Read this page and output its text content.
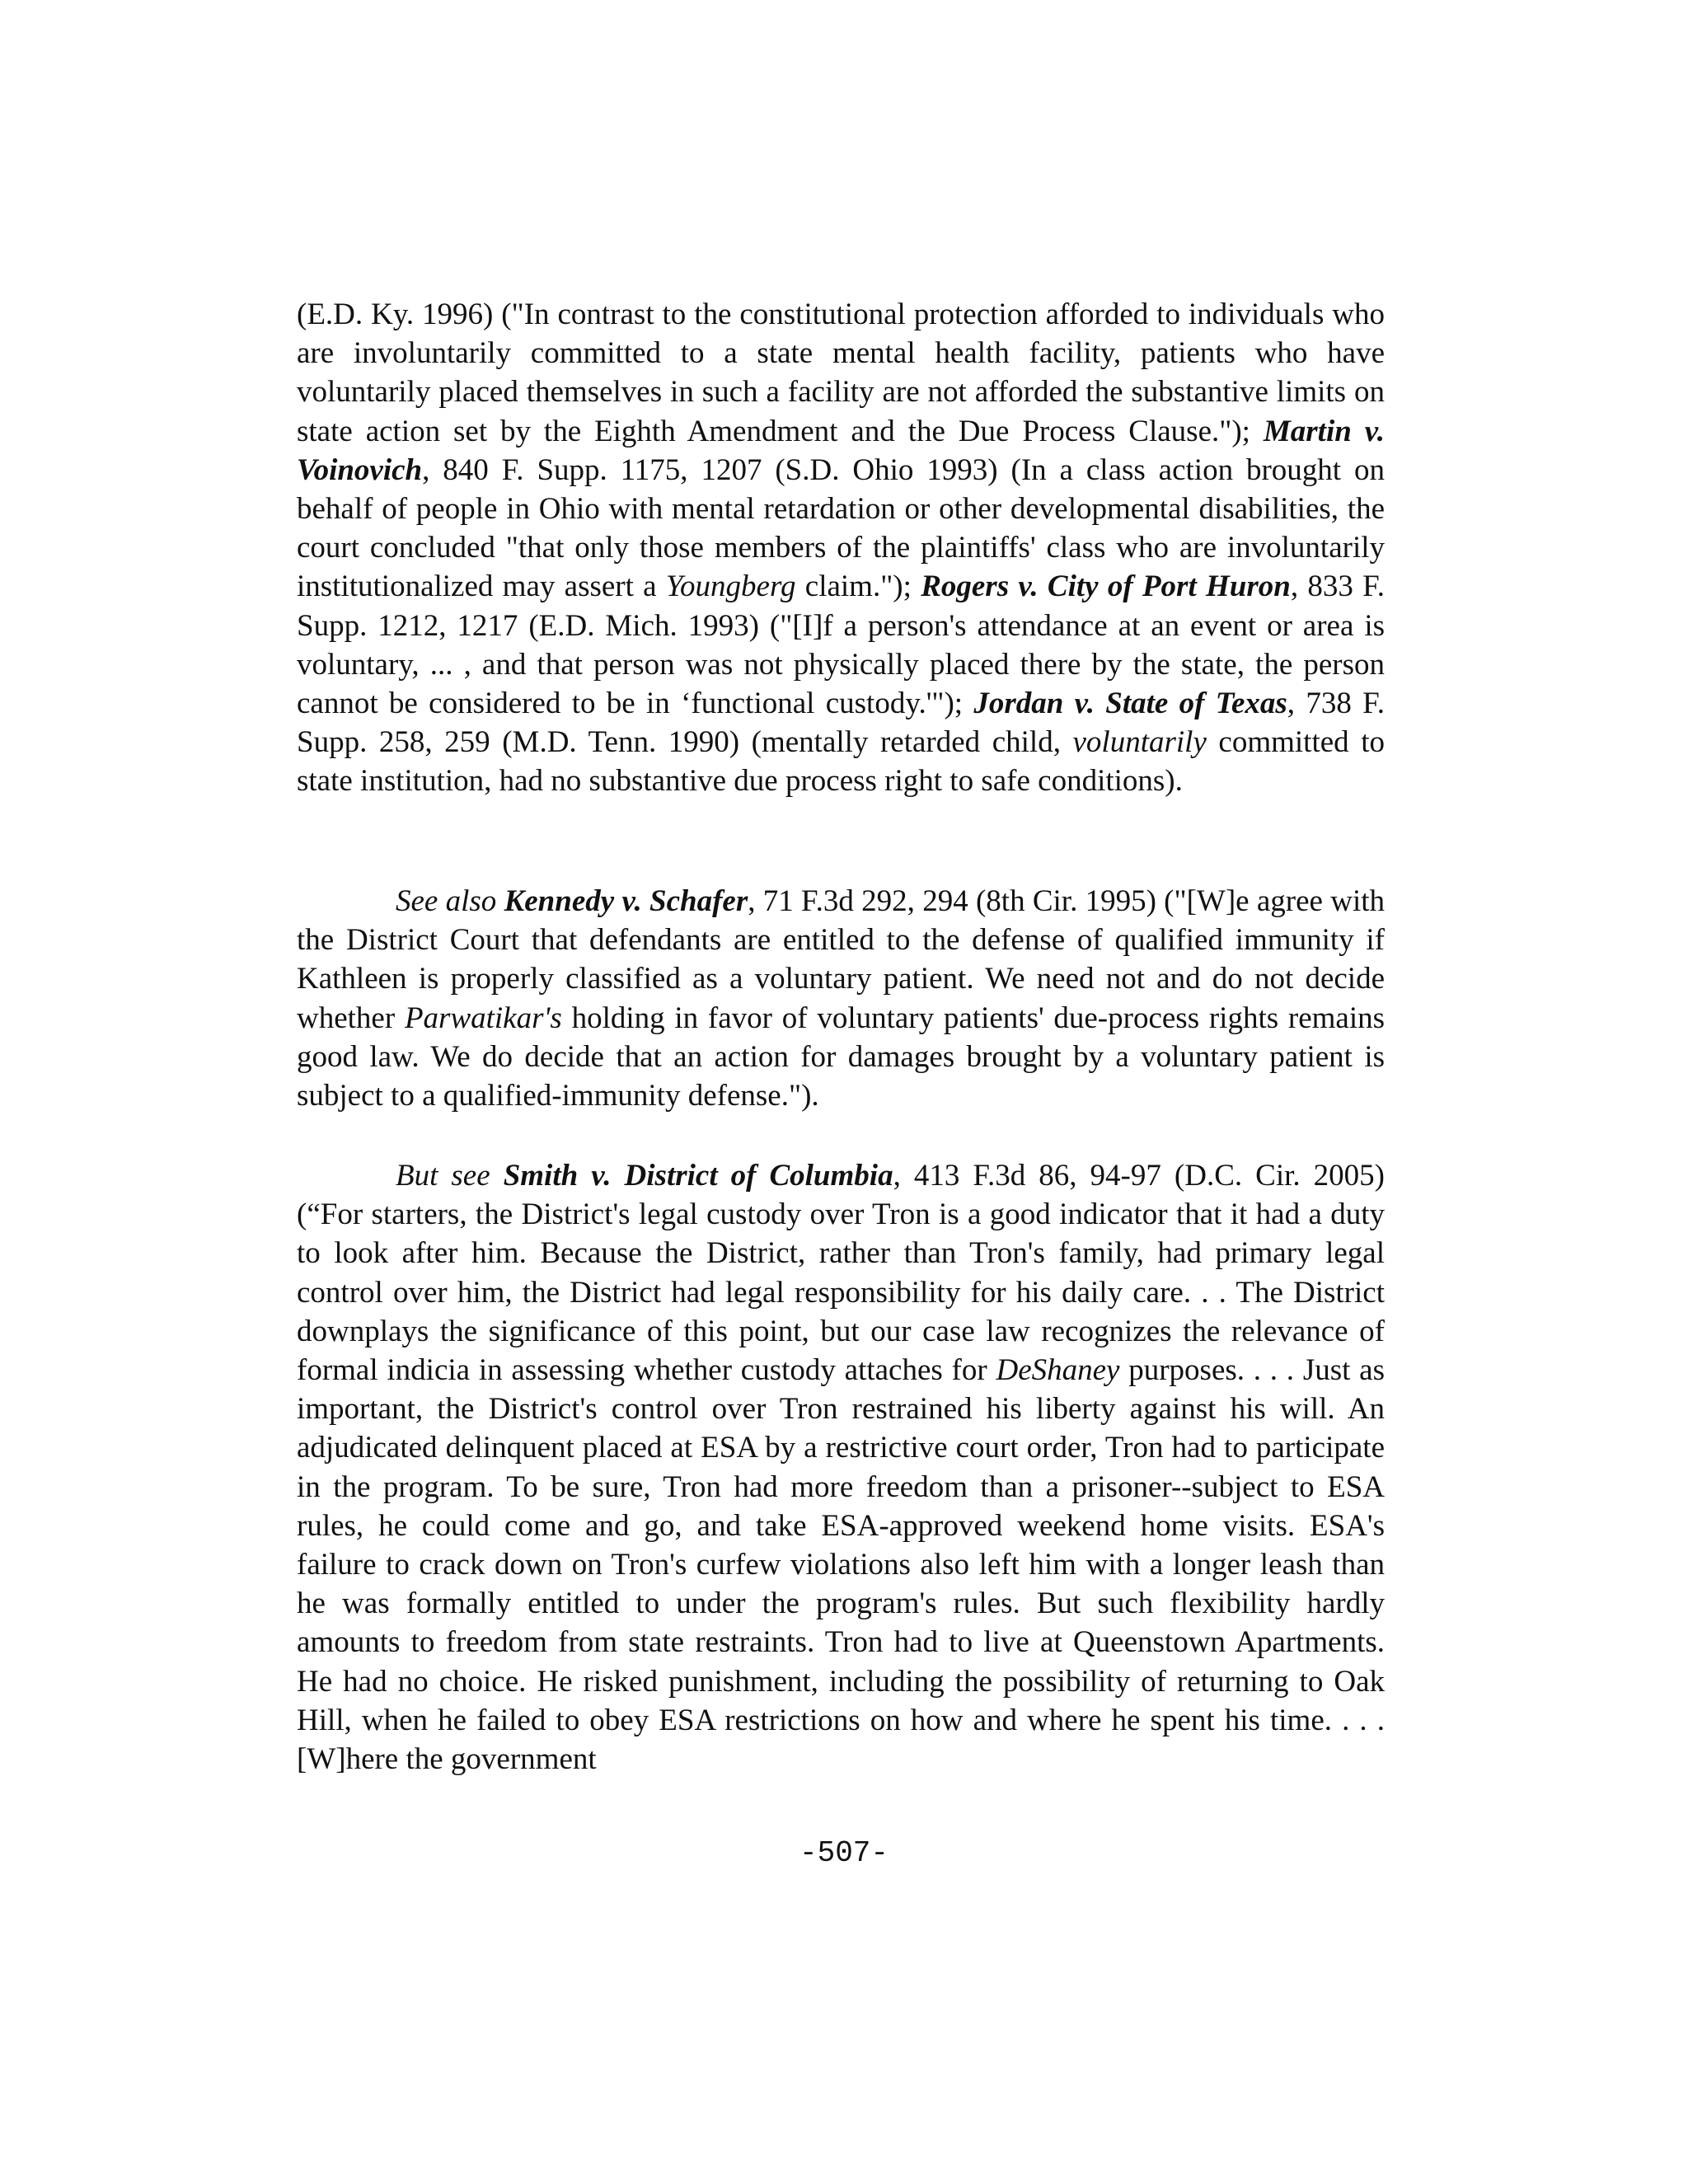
(E.D. Ky. 1996) ("In contrast to the constitutional protection afforded to individuals who are involuntarily committed to a state mental health facility, patients who have voluntarily placed themselves in such a facility are not afforded the substantive limits on state action set by the Eighth Amendment and the Due Process Clause."); Martin v. Voinovich, 840 F. Supp. 1175, 1207 (S.D. Ohio 1993) (In a class action brought on behalf of people in Ohio with mental retardation or other developmental disabilities, the court concluded "that only those members of the plaintiffs' class who are involuntarily institutionalized may assert a Youngberg claim."); Rogers v. City of Port Huron, 833 F. Supp. 1212, 1217 (E.D. Mich. 1993) ("[I]f a person's attendance at an event or area is voluntary, ... , and that person was not physically placed there by the state, the person cannot be considered to be in ‘functional custody.'"); Jordan v. State of Texas, 738 F. Supp. 258, 259 (M.D. Tenn. 1990) (mentally retarded child, voluntarily committed to state institution, had no substantive due process right to safe conditions).

See also Kennedy v. Schafer, 71 F.3d 292, 294 (8th Cir. 1995) ("[W]e agree with the District Court that defendants are entitled to the defense of qualified immunity if Kathleen is properly classified as a voluntary patient. We need not and do not decide whether Parwatikar's holding in favor of voluntary patients' due-process rights remains good law. We do decide that an action for damages brought by a voluntary patient is subject to a qualified-immunity defense.").

But see Smith v. District of Columbia, 413 F.3d 86, 94-97 (D.C. Cir. 2005) (“For starters, the District's legal custody over Tron is a good indicator that it had a duty to look after him. Because the District, rather than Tron's family, had primary legal control over him, the District had legal responsibility for his daily care. . . The District downplays the significance of this point, but our case law recognizes the relevance of formal indicia in assessing whether custody attaches for DeShaney purposes. . . . Just as important, the District's control over Tron restrained his liberty against his will. An adjudicated delinquent placed at ESA by a restrictive court order, Tron had to participate in the program. To be sure, Tron had more freedom than a prisoner--subject to ESA rules, he could come and go, and take ESA-approved weekend home visits. ESA's failure to crack down on Tron's curfew violations also left him with a longer leash than he was formally entitled to under the program's rules. But such flexibility hardly amounts to freedom from state restraints. Tron had to live at Queenstown Apartments. He had no choice. He risked punishment, including the possibility of returning to Oak Hill, when he failed to obey ESA restrictions on how and where he spent his time. . . . [W]here the government

-507-
